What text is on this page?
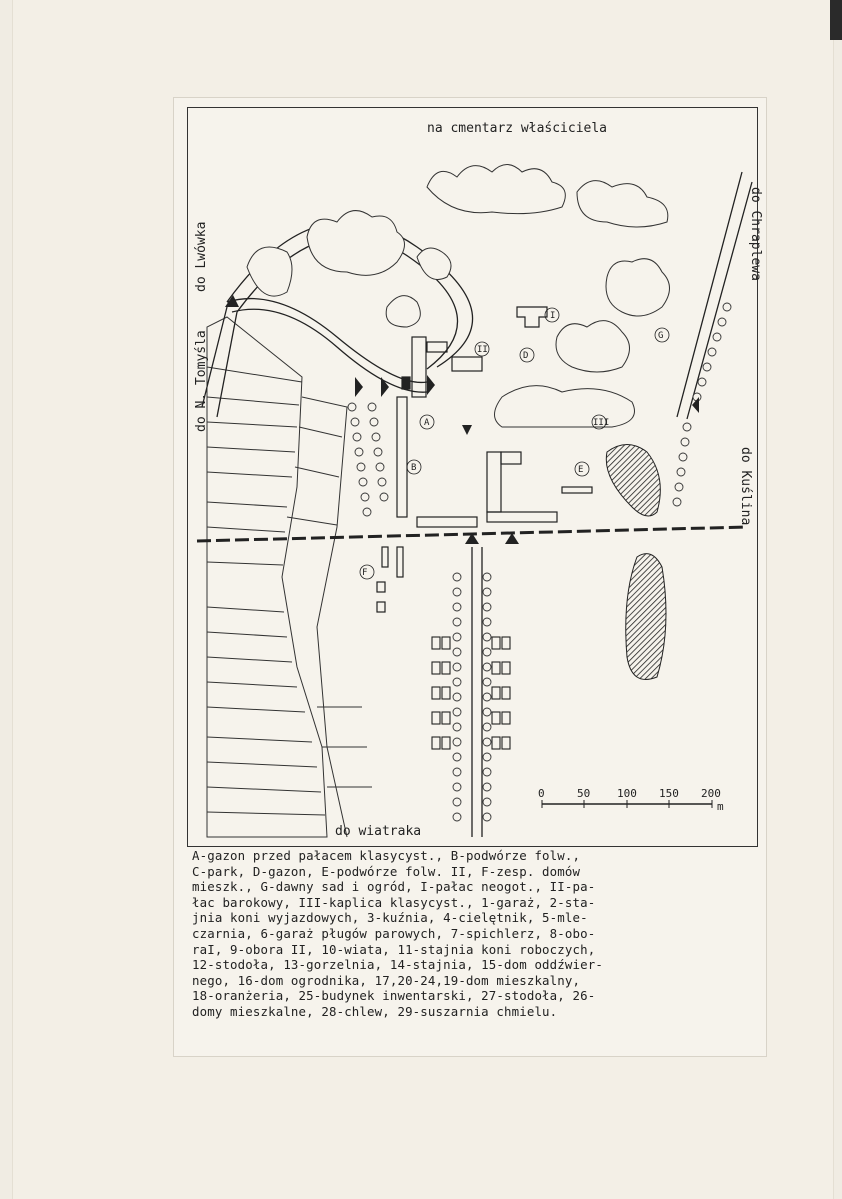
D
E
B
A
G
I
F
II
III
na cmentarz właściciela
do N. Tomyśla
do Lwówka	do Chraplewa
do Kuślina
do wiatraka
0	50 100 150 200
m
A-gazon przed pałacem klasycyst., B-podwórze folw.,
C-park, D-gazon, E-podwórze folw. II, F-zesp. domów
mieszk., G-dawny sad i ogród, I-pałac neogot., II-pa-
łac barokowy, III-kaplica klasycyst., 1-garaż, 2-sta-
jnia koni wyjazdowych, 3-kuźnia, 4-cielętnik, 5-mle-
czarnia, 6-garaż pługów parowych, 7-spichlerz, 8-obo-
raI, 9-obora II, 10-wiata, 11-stajnia koni roboczych,
12-stodoła, 13-gorzelnia, 14-stajnia, 15-dom oddźwier-
nego, 16-dom ogrodnika, 17,20-24,19-dom mieszkalny,
18-oranżeria, 25-budynek inwentarski, 27-stodoła, 26-
domy mieszkalne, 28-chlew, 29-suszarnia chmielu.
